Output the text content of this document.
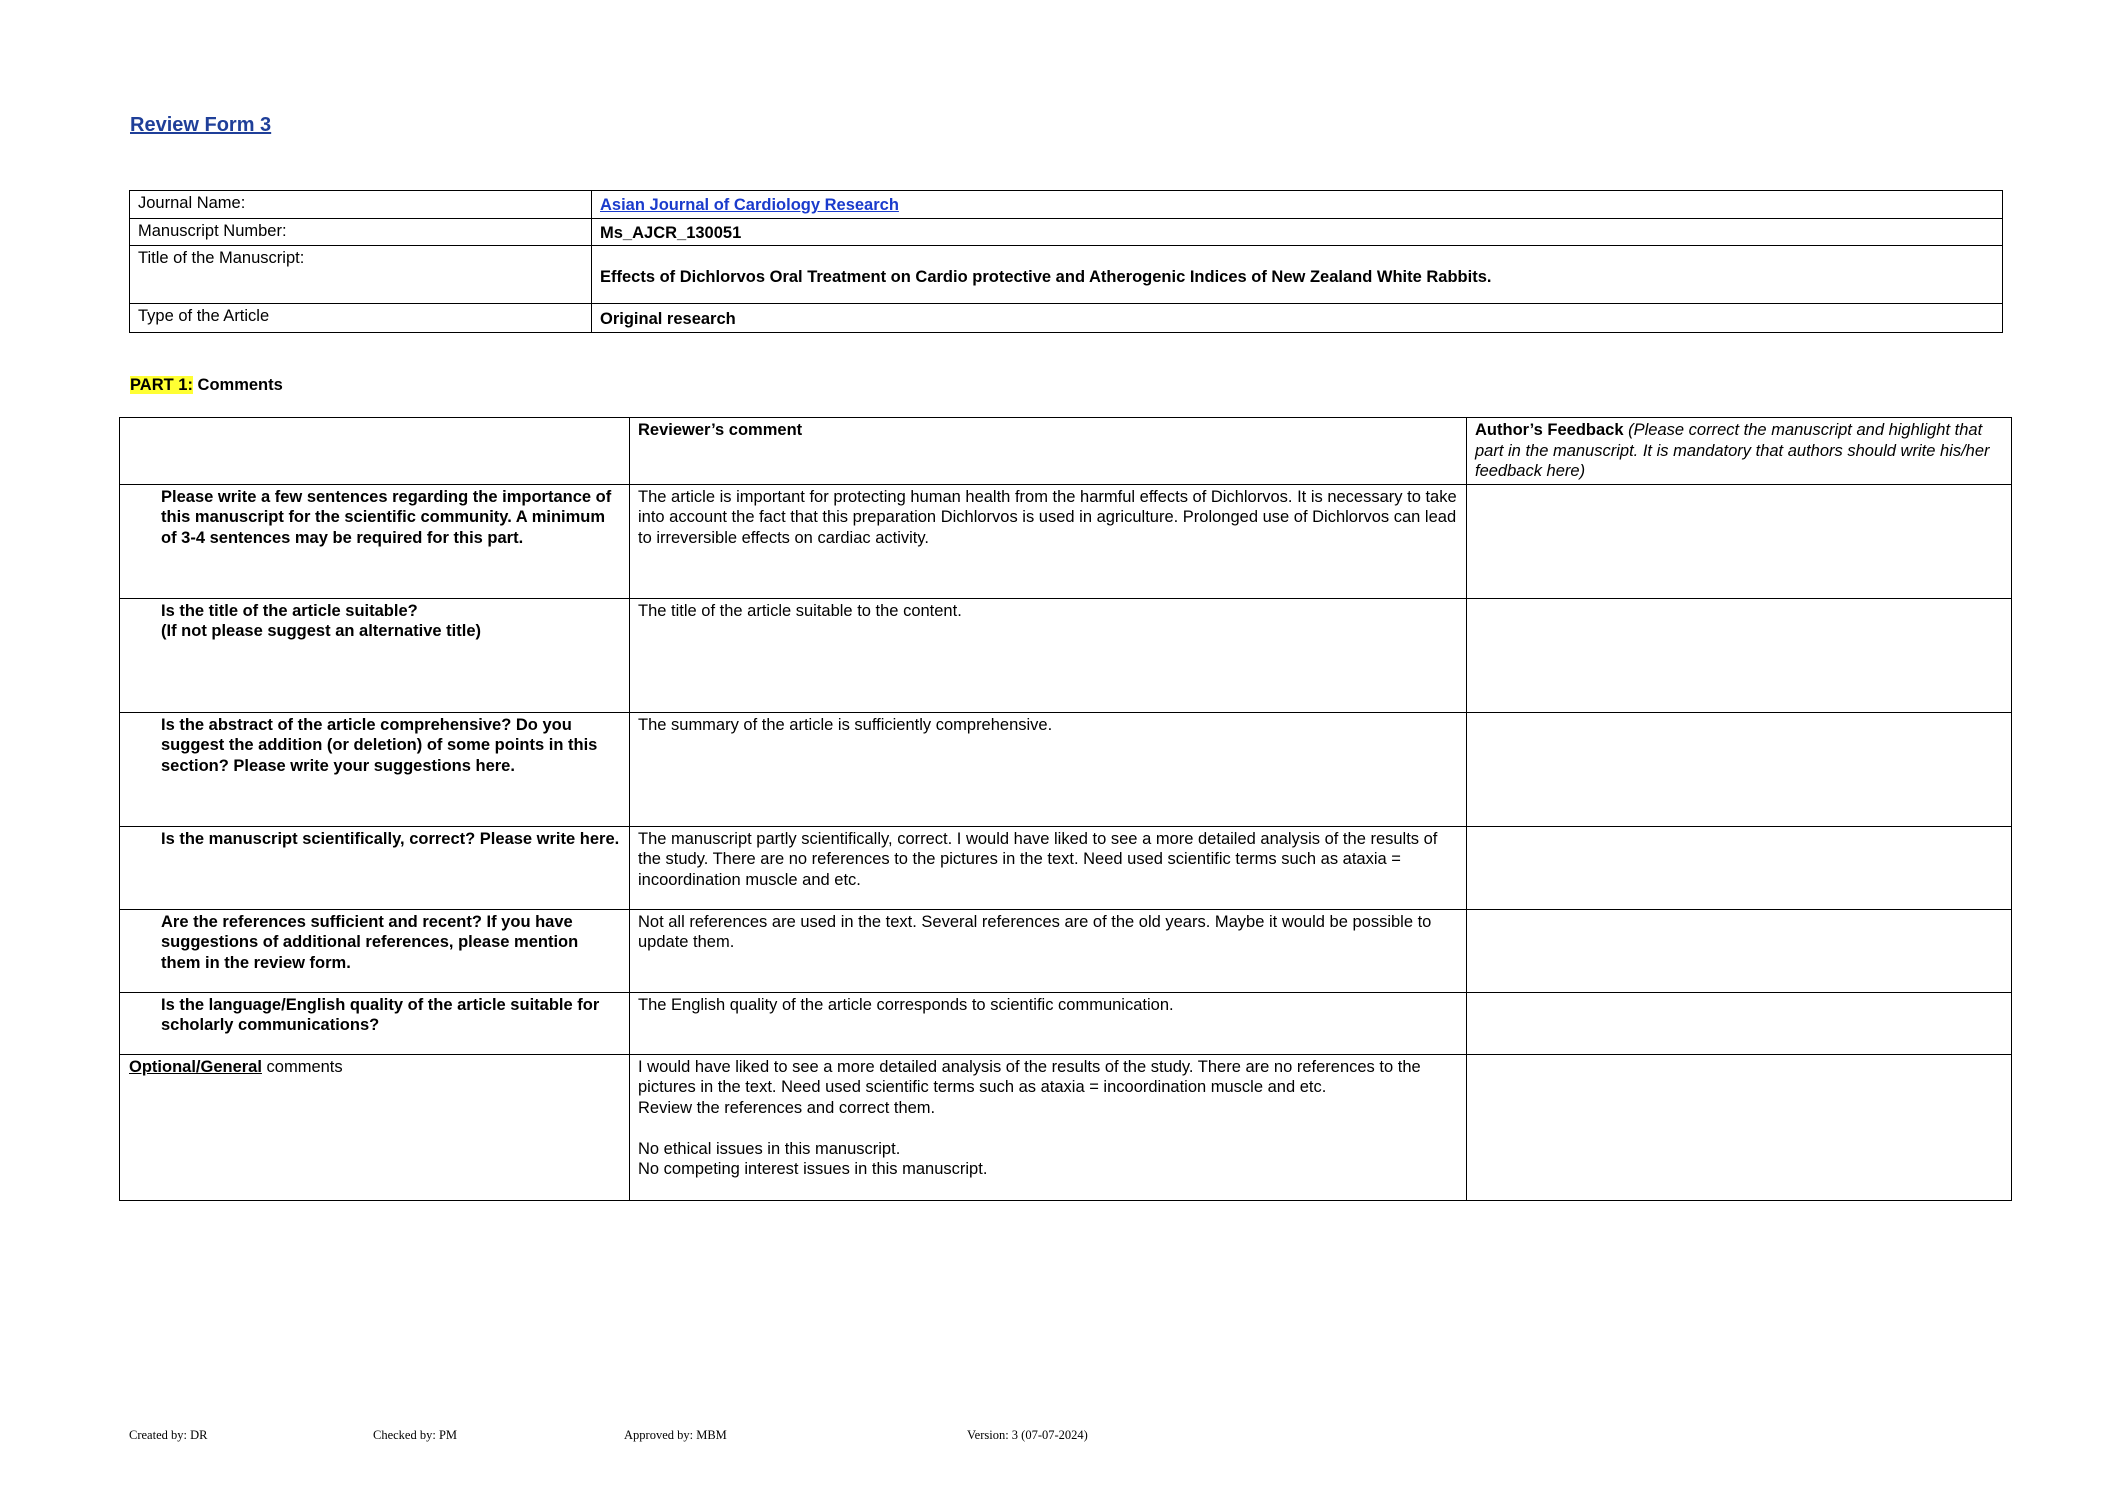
Review Form 3
Journal Name:	Asian Journal of Cardiology Research
Manuscript Number:	Ms_AJCR_130051
Title of the Manuscript:	Effects of Dichlorvos Oral Treatment on Cardio protective and Atherogenic Indices of New Zealand White Rabbits.
Type of the Article	Original research
PART 1: Comments
	Reviewer’s comment	Author’s Feedback (Please correct the manuscript and highlight that part in the manuscript. It is mandatory that authors should write his/her feedback here)
Please write a few sentences regarding the importance of this manuscript for the scientific community. A minimum of 3-4 sentences may be required for this part.	The article is important for protecting human health from the harmful effects of Dichlorvos. It is necessary to take into account the fact that this preparation Dichlorvos is used in agriculture. Prolonged use of Dichlorvos can lead to irreversible effects on cardiac activity.	
Is the title of the article suitable?
(If not please suggest an alternative title)	The title of the article suitable to the content.	
Is the abstract of the article comprehensive? Do you suggest the addition (or deletion) of some points in this section? Please write your suggestions here.	The summary of the article is sufficiently comprehensive.	
Is the manuscript scientifically, correct? Please write here.	The manuscript partly scientifically, correct. I would have liked to see a more detailed analysis of the results of the study. There are no references to the pictures in the text. Need used scientific terms such as ataxia = incoordination muscle and etc.	
Are the references sufficient and recent? If you have suggestions of additional references, please mention them in the review form.	Not all references are used in the text. Several references are of the old years. Maybe it would be possible to update them.	
Is the language/English quality of the article suitable for scholarly communications?	The English quality of the article corresponds to scientific communication.	
Optional/General comments	I would have liked to see a more detailed analysis of the results of the study. There are no references to the pictures in the text. Need used scientific terms such as ataxia = incoordination muscle and etc.
Review the references and correct them.

No ethical issues in this manuscript.
No competing interest issues in this manuscript.	
Created by: DR	Checked by: PM	Approved by: MBM	Version: 3 (07-07-2024)
